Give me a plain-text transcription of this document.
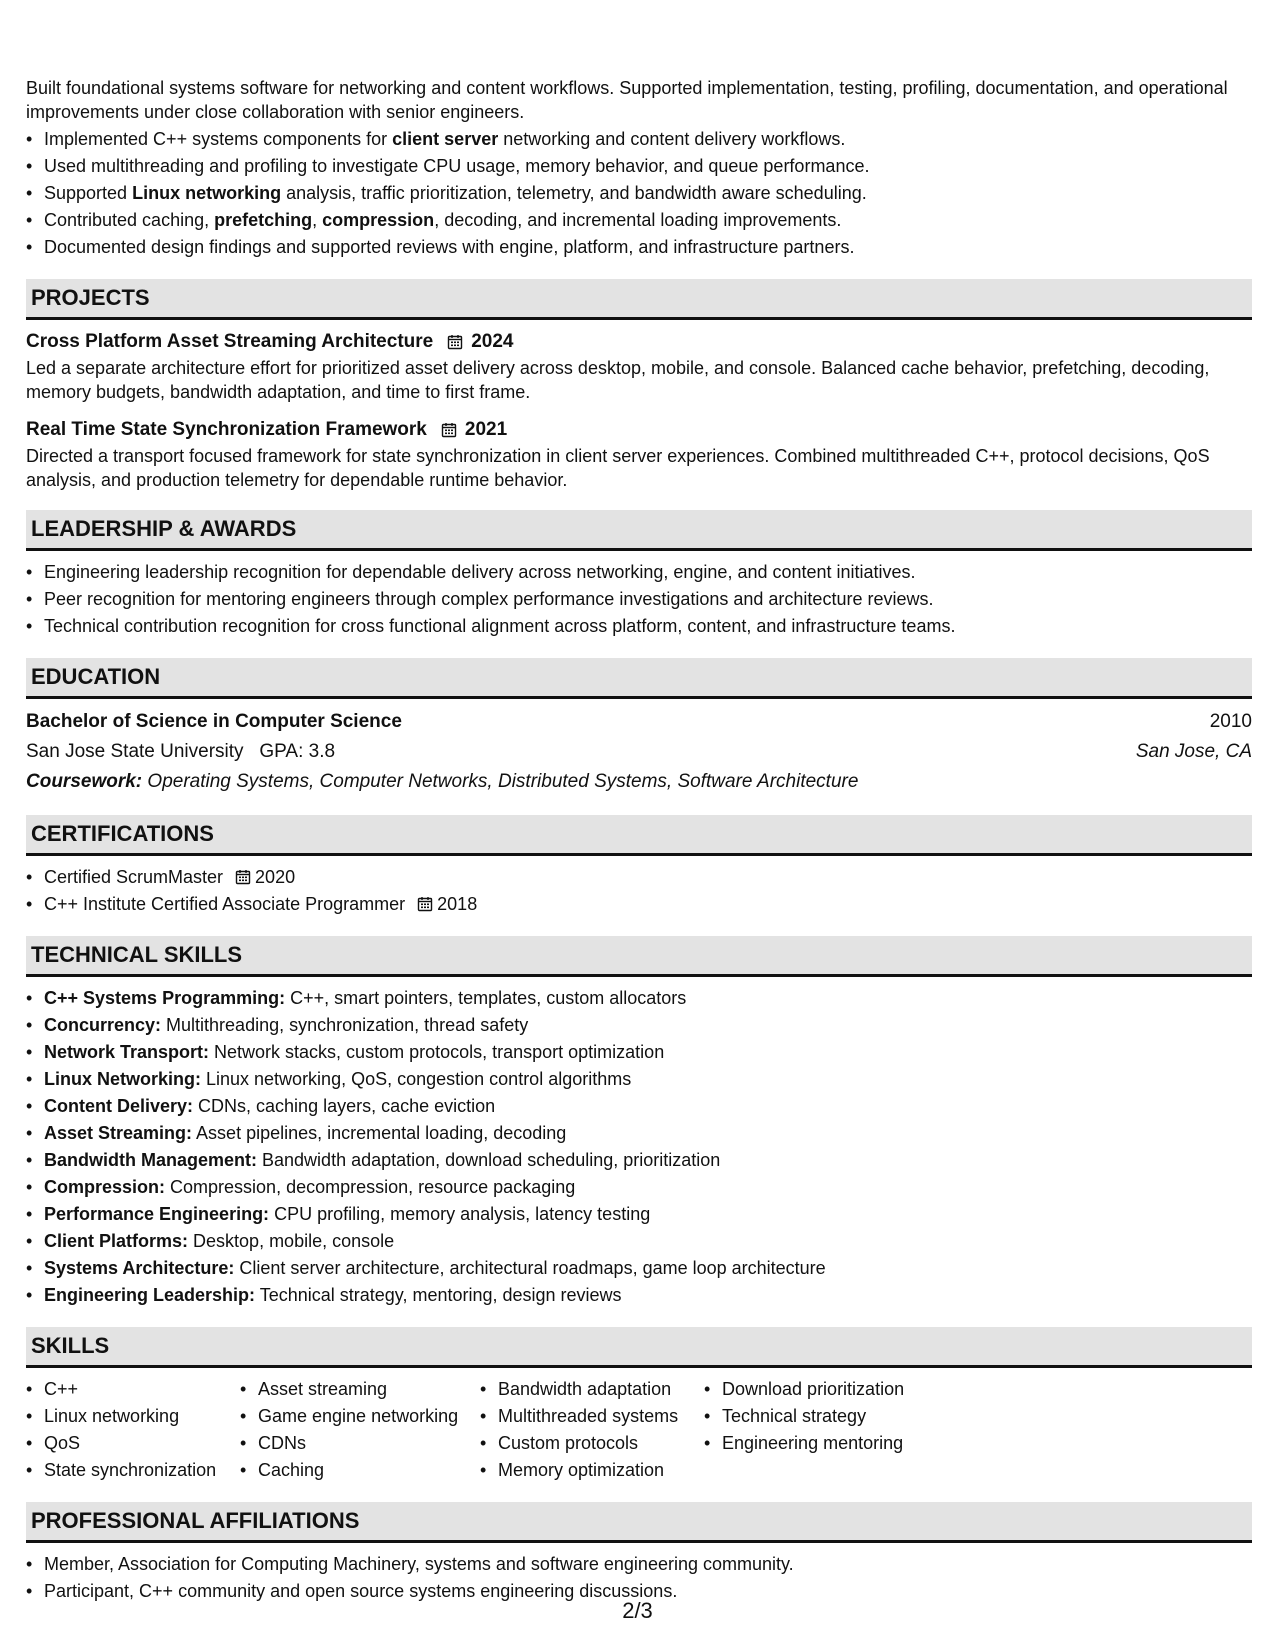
Built foundational systems software for networking and content workflows. Supported implementation, testing, profiling, documentation, and operational improvements under close collaboration with senior engineers.

• Implemented C++ systems components for client server networking and content delivery workflows.
• Used multithreading and profiling to investigate CPU usage, memory behavior, and queue performance.
• Supported Linux networking analysis, traffic prioritization, telemetry, and bandwidth aware scheduling.
• Contributed caching, prefetching, compression, decoding, and incremental loading improvements.
• Documented design findings and supported reviews with engine, platform, and infrastructure partners.
PROJECTS
Cross Platform Asset Streaming Architecture 2024
Led a separate architecture effort for prioritized asset delivery across desktop, mobile, and console. Balanced cache behavior, prefetching, decoding, memory budgets, bandwidth adaptation, and time to first frame.
Real Time State Synchronization Framework 2021
Directed a transport focused framework for state synchronization in client server experiences. Combined multithreaded C++, protocol decisions, QoS analysis, and production telemetry for dependable runtime behavior.
LEADERSHIP & AWARDS
• Engineering leadership recognition for dependable delivery across networking, engine, and content initiatives.
• Peer recognition for mentoring engineers through complex performance investigations and architecture reviews.
• Technical contribution recognition for cross functional alignment across platform, content, and infrastructure teams.
EDUCATION
Bachelor of Science in Computer Science	2010
San Jose State University GPA: 3.8	San Jose, CA
Coursework: Operating Systems, Computer Networks, Distributed Systems, Software Architecture
CERTIFICATIONS
• Certified ScrumMaster 2020
• C++ Institute Certified Associate Programmer 2018
TECHNICAL SKILLS
• C++ Systems Programming: C++, smart pointers, templates, custom allocators
• Concurrency: Multithreading, synchronization, thread safety
• Network Transport: Network stacks, custom protocols, transport optimization
• Linux Networking: Linux networking, QoS, congestion control algorithms
• Content Delivery: CDNs, caching layers, cache eviction
• Asset Streaming: Asset pipelines, incremental loading, decoding
• Bandwidth Management: Bandwidth adaptation, download scheduling, prioritization
• Compression: Compression, decompression, resource packaging
• Performance Engineering: CPU profiling, memory analysis, latency testing
• Client Platforms: Desktop, mobile, console
• Systems Architecture: Client server architecture, architectural roadmaps, game loop architecture
• Engineering Leadership: Technical strategy, mentoring, design reviews
SKILLS
• C++
• Linux networking
• QoS
• State synchronization
• Asset streaming
• Game engine networking
• CDNs
• Caching
• Bandwidth adaptation
• Multithreaded systems
• Custom protocols
• Memory optimization
• Download prioritization
• Technical strategy
• Engineering mentoring
PROFESSIONAL AFFILIATIONS
• Member, Association for Computing Machinery, systems and software engineering community.
• Participant, C++ community and open source systems engineering discussions.
2/3
